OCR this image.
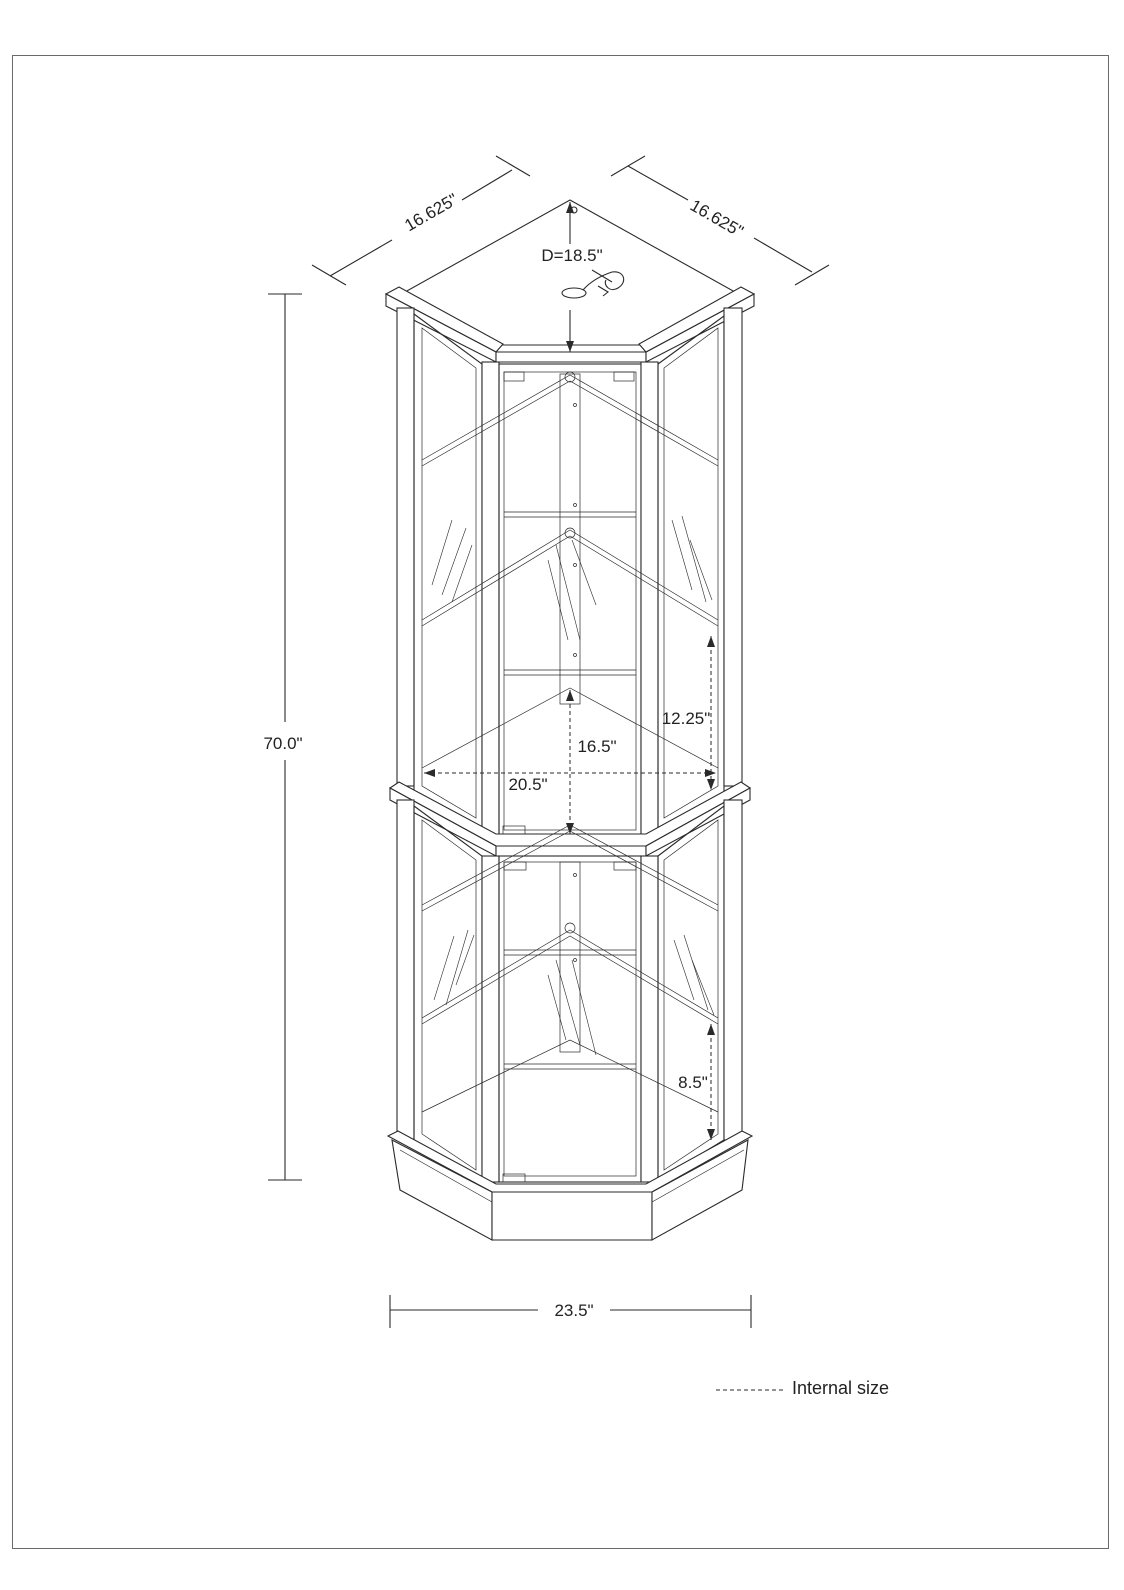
16.625"	16.625"
70.0"
23.5"
D=18.5"
16.5"
20.5"
12.25"
8.5"
Internal size
